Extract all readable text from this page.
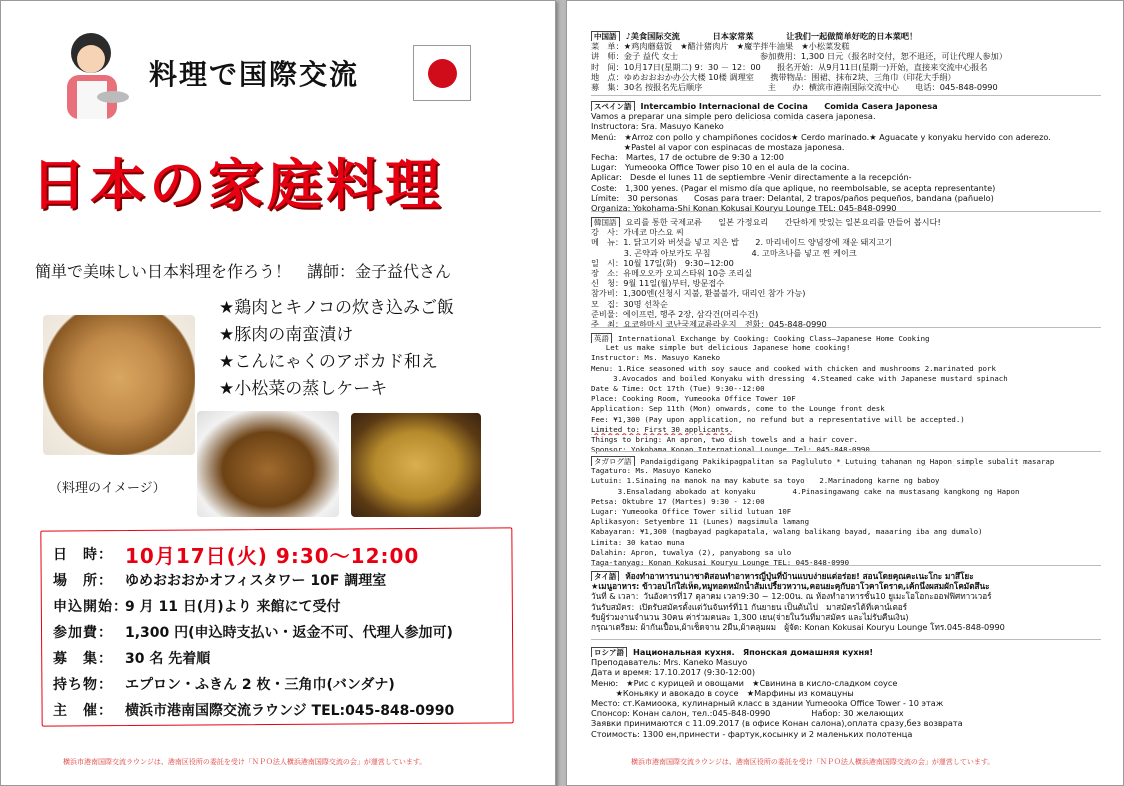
料理で国際交流
日本の家庭料理
簡単で美味しい日本料理を作ろう！　講師：金子益代さん
★鶏肉とキノコの炊き込みご飯
★豚肉の南蛮漬け
★こんにゃくのアボカド和え
★小松菜の蒸しケーキ
（料理のイメージ）
日　時： 10月17日(火) 9:30～12:00
場　所： ゆめおおおかオフィスタワー 10F 調理室
申込開始：
9 月 11 日(月)より 来館にて受付
参加費： 1,300 円(申込時支払い・返金不可、代理人参加可)
募　集： 30 名 先着順
持ち物： エプロン・ふきん 2 枚・三角巾(バンダナ)
主　催： 横浜市港南国際交流ラウンジ TEL:045-848-0990
横浜市港南国際交流ラウンジは、港南区役所の委託を受け「ＮＰＯ法人横浜港南国際交流の会」が運営しています。
中国語 ♪美食国际交流　　　　日本家常菜　　　　让我们一起做简单好吃的日本菜吧！
菜　单：★鸡肉蘑菇饭　★醋汁猪肉片　★魔芋拌牛油果　★小松菜发糕
讲　师：金子 益代 女士　　　　　　　　　　参加费用：1,300 日元（报名时交付，恕不退还，可让代理人参加）
时　间：10月17日(星期二) 9：30 － 12：00　　报名开始：从9月11日(星期一)开始，直接来交流中心报名
地　点：ゆめおおおか办公大楼 10楼 调理室　　携带物品：围裙、抹布2块、三角巾（印花大手绢）
募　集：30名 按报名先后顺序　　　　　　　　主　　办：横滨市港南国际交流中心　　电话：045-848-0990
スペイン語 Intercambio Internacional de Cocina　　Comida Casera Japonesa
Vamos a preparar una simple pero deliciosa comida casera japonesa.
Instructora: Sra. Masuyo Kaneko
Menú:　★Arroz con pollo y champiñones cocidos★ Cerdo marinado.★ Aguacate y konyaku hervido con aderezo.
　　　　★Pastel al vapor con espinacas de mostaza japonesa.
Fecha:　Martes, 17 de octubre de 9:30 a 12:00
Lugar:　Yumeooka Office Tower piso 10 en el aula de la cocina.
Aplicar:　Desde el lunes 11 de septiembre -Venir directamente a la recepción-
Coste:　1,300 yenes. (Pagar el mismo día que aplique, no reembolsable, se acepta representante)
Límite:　30 personas　　Cosas para traer: Delantal, 2 trapos/paños pequeños, bandana (pañuelo)
Organiza: Yokohama-Shi Konan Kokusai Kouryu Lounge TEL: 045-848-0990
韓国語 요리를 통한 국제교류　　일본 가정요리　　간단하게 맛있는 일본요리를 만들어 봅시다!
강　사：가네코 마스요 씨
메　뉴：1. 닭고기와 버섯을 넣고 지은 밥　　2. 마리네이드 양념장에 재운 돼지고기
　　　　3. 곤약과 아보카도 무침　　　　　4. 고마츠나를 넣고 찐 케이크
일　시：10월 17일(화)　9:30~12:00
장　소：유메오오카 오피스타워 10층 조리실
신　청：9월 11일(월)부터, 방문접수
참가비：1,300엔(신청시 지불, 환불불가, 대리인 참가 가능)
모　집：30명 선착순
준비물：에이프런, 행주 2장, 삼각건(머리수건)
주　최：요코하마시 코난국제교류라운지　전화：045-848-0990
英語 International Exchange by Cooking: Cooking Class—Japanese Home Cooking
　　Let us make simple but delicious Japanese home cooking!
Instructor: Ms. Masuyo Kaneko
Menu: 1.Rice seasoned with soy sauce and cooked with chicken and mushrooms 2.marinated pork
　　　3.Avocados and boiled Konyaku with dressing　4.Steamed cake with Japanese mustard spinach
Date & Time: Oct 17th (Tue) 9:30--12:00
Place: Cooking Room, Yumeooka Office Tower 10F
Application: Sep 11th (Mon) onwards, come to the Lounge front desk
Fee: ¥1,300 (Pay upon application, no refund but a representative will be accepted.)
Limited to: First 30 applicants.
Things to bring: An apron, two dish towels and a hair cover.
Sponsor: Yokohama Konan International Lounge　Tel: 045-848-0990
タガログ語 Pandaigdigang Pakikipagpalitan sa Pagluluto * Lutuing tahanan ng Hapon simple subalit masarap
Tagaturo: Ms. Masuyo Kaneko
Lutuin: 1.Sinaing na manok na may kabute sa toyo　　2.Marinadong karne ng baboy
　　　 3.Ensaladang abokado at konyaku　　　　　4.Pinasingawang cake na mustasang kangkong ng Hapon
Petsa: Oktubre 17 (Martes) 9:30 - 12:00
Lugar: Yumeooka Office Tower silid lutuan 10F
Aplikasyon: Setyembre 11 (Lunes) magsimula lamang
Kabayaran: ¥1,300 (magbayad pagkapatala, walang balikang bayad, maaaring iba ang dumalo)
Limita: 30 katao muna
Dalahin: Apron, tuwalya (2), panyabong sa ulo
Taga-tanyag: Konan Kokusai Kouryu Lounge TEL: 045-848-0990
タイ語 ห้องทำอาหารนานาชาติสอนทำอาหารญี่ปุ่นที่บ้านแบบง่ายแต่อร่อย! สอนโดยคุณคะเนะโกะ มาสึโยะ
★เมนูอาหาร: ข้าวอบไก่ใส่เห็ด,หมูทอดหมักน้ำส้มเปรี้ยวหวาน,คอนยะคุกับอาโวคาโดราด,เค้กนึ่งผสมผักโคมัตสึนะ
วันที่ & เวลา：วันอังคารที่17 ตุลาคม เวลา9:30 ~ 12:00น. ณ ห้องทำอาหารชั้น10 ยูเมะโอโอกะออฟฟิศทาวเวอร์
วันรับสมัคร：เปิดรับสมัครตั้งแต่วันจันทร์ที่11 กันยายน เป็นต้นไป　มาสมัครได้ที่เคาน์เตอร์
รับผู้ร่วมงานจำนวน 30คน ค่าร่วมคนละ 1,300 เยน(จ่ายในวันที่มาสมัคร และไม่รับคืนเงิน)
กรุณาเตรียม: ผ้ากันเปื้อน,ผ้าเช็ดจาน 2ผืน,ผ้าคลุมผม　ผู้จัด: Konan Kokusai Kouryu Lounge โทร.045-848-0990
ロシア語 Национальная кухня.　Японская домашняя кухня!
Преподаватель: Mrs. Kaneko Masuyo
Дата и время: 17.10.2017 (9:30-12:00)
Меню:　★Рис с курицей и овощами　★Свинина в кисло-сладком соусе
　　　★Коньяку и авокадо в соусе　★Марфины из комацуны
Место: ст.Камиоока, кулинарный класс в здании Yumeooka Office Tower - 10 этаж
Спонсор: Конан салон, тел.:045-848-0990　　　　　Набор: 30 желающих
Заявки принимаются с 11.09.2017 (в офисе Конан салона),оплата сразу,без возврата
Стоимость: 1300 ен,принести - фартук,косынку и 2 маленьких полотенца
横浜市港南国際交流ラウンジは、港南区役所の委託を受け「ＮＰＯ法人横浜港南国際交流の会」が運営しています。
